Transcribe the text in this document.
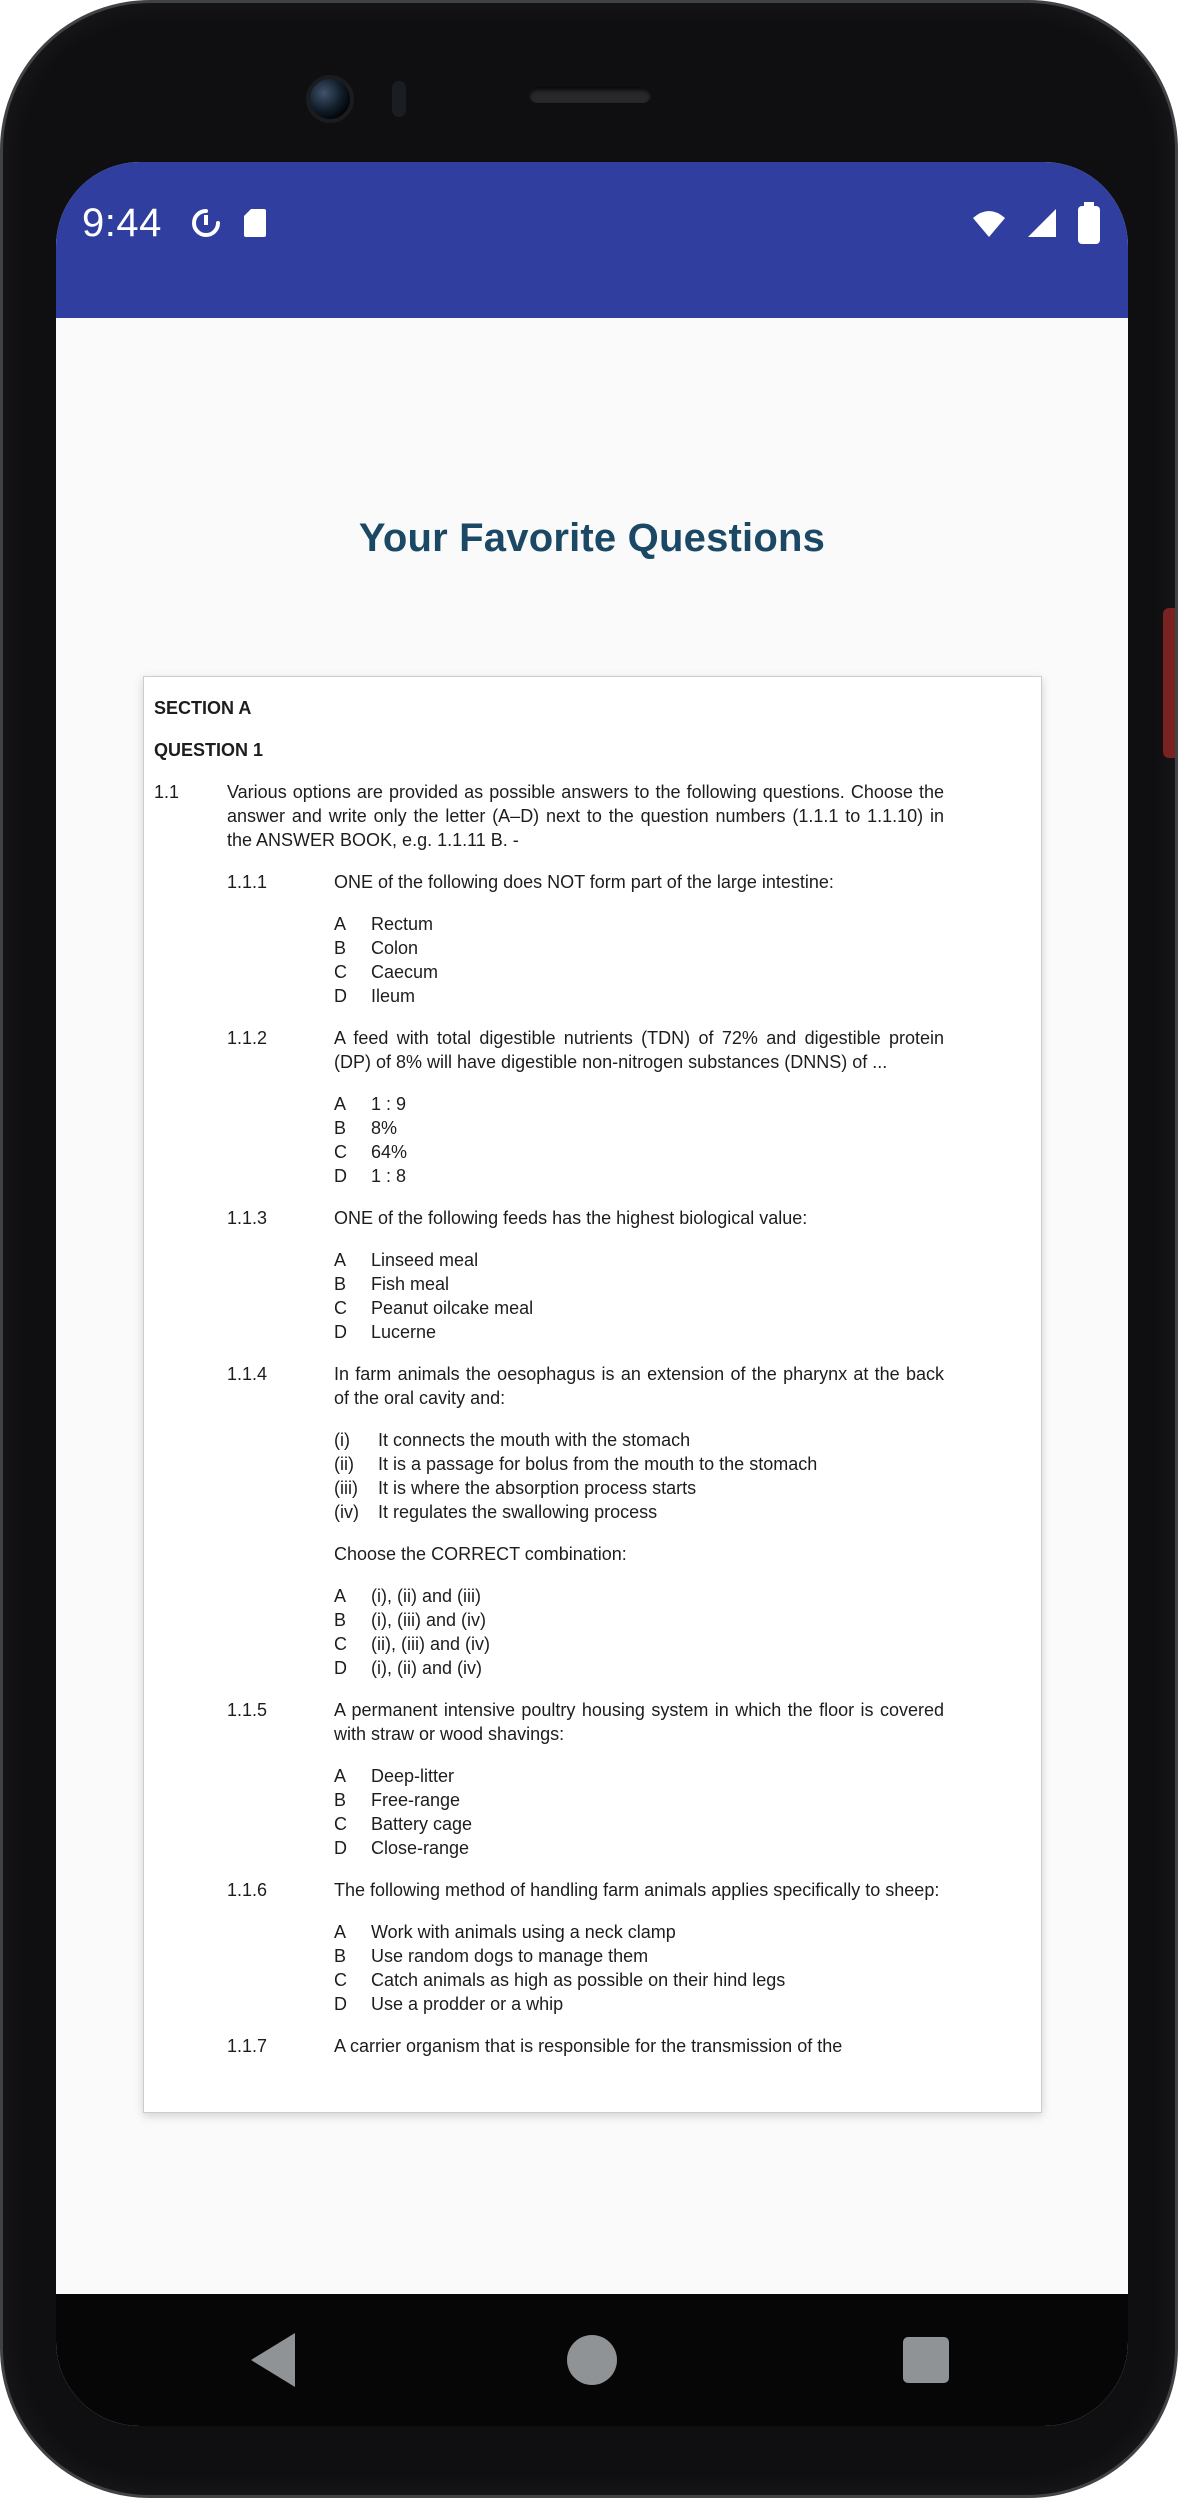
9:44
Your Favorite Questions
SECTION A
QUESTION 1
1.1	Various options are provided as possible answers to the following questions. Choose the answer and write only the letter (A–D) next to the question numbers (1.1.1 to 1.1.10) in the ANSWER BOOK, e.g. 1.1.11 B. -
1.1.1	ONE of the following does NOT form part of the large intestine:
A	Rectum
B	Colon
C	Caecum
D	Ileum
1.1.2	A feed with total digestible nutrients (TDN) of 72% and digestible protein (DP) of 8% will have digestible non-nitrogen substances (DNNS) of ...
A	1 : 9
B	8%
C	64%
D	1 : 8
1.1.3	ONE of the following feeds has the highest biological value:
A	Linseed meal
B	Fish meal
C	Peanut oilcake meal
D	Lucerne
1.1.4	In farm animals the oesophagus is an extension of the pharynx at the back of the oral cavity and:
(i)	It connects the mouth with the stomach
(ii)	It is a passage for bolus from the mouth to the stomach
(iii)	It is where the absorption process starts
(iv)	It regulates the swallowing process
Choose the CORRECT combination:
A	(i), (ii) and (iii)
B	(i), (iii) and (iv)
C	(ii), (iii) and (iv)
D	(i), (ii) and (iv)
1.1.5	A permanent intensive poultry housing system in which the floor is covered with straw or wood shavings:
A	Deep-litter
B	Free-range
C	Battery cage
D	Close-range
1.1.6	The following method of handling farm animals applies specifically to sheep:
A	Work with animals using a neck clamp
B	Use random dogs to manage them
C	Catch animals as high as possible on their hind legs
D	Use a prodder or a whip
1.1.7	A carrier organism that is responsible for the transmission of the
